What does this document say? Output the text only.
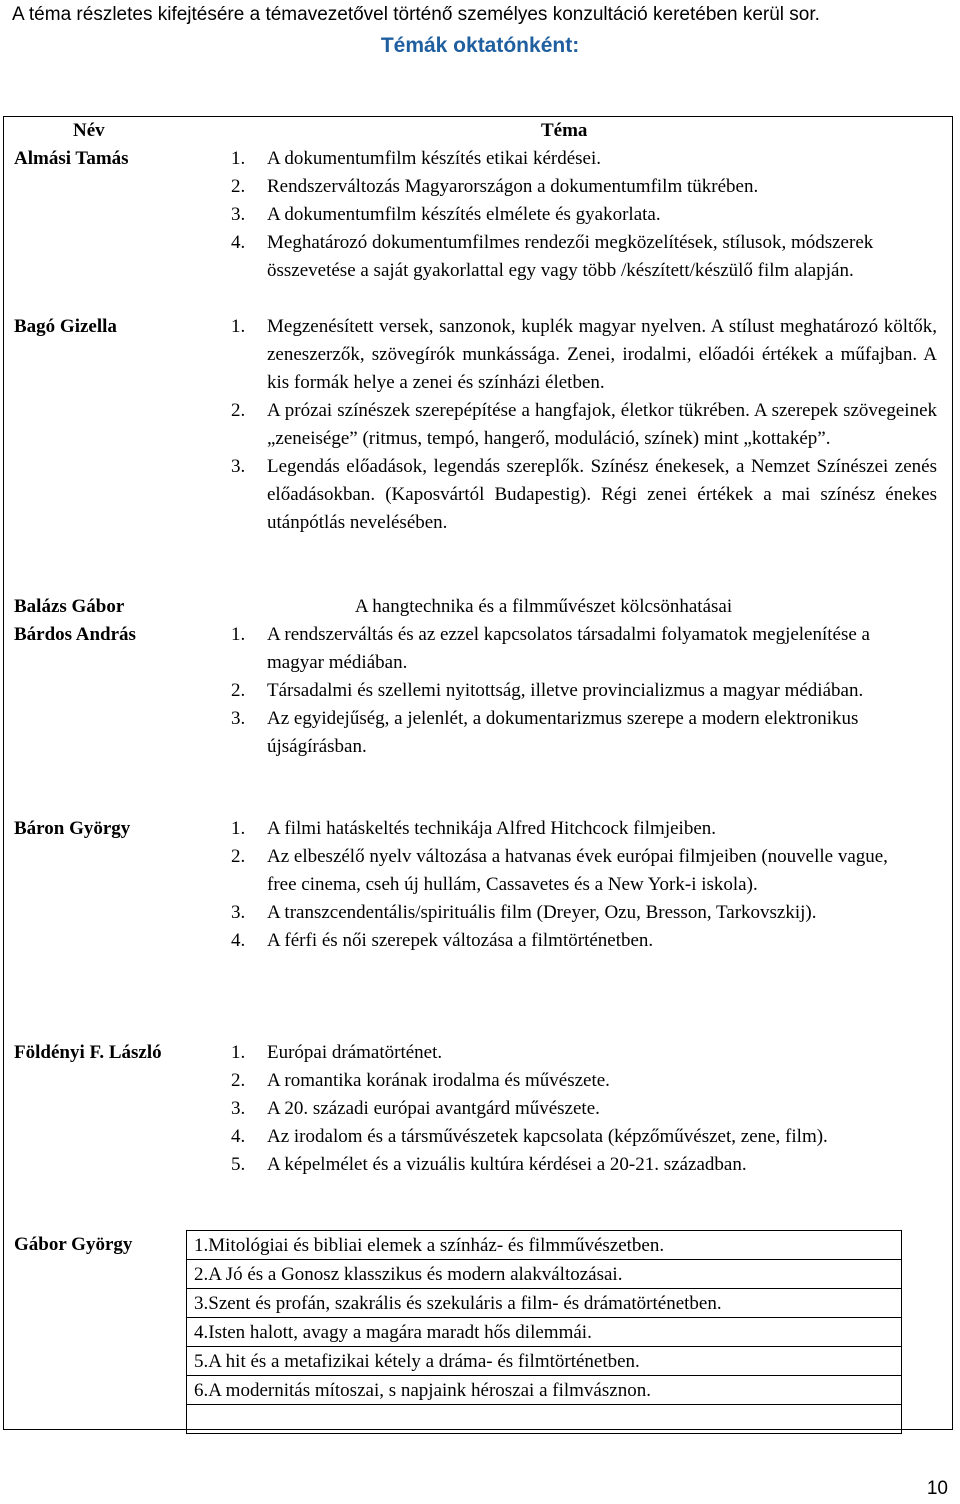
A téma részletes kifejtésére a témavezetővel történő személyes konzultáció keretében kerül sor.
Témák oktatónként:
Név	Téma
Almási Tamás	1. A dokumentumfilm készítés etikai kérdései.
2. Rendszerváltozás Magyarországon a dokumentumfilm tükrében.
3. A dokumentumfilm készítés elmélete és gyakorlata.
4. Meghatározó dokumentumfilmes rendezői megközelítések, stílusok, módszerek összevetése a saját gyakorlattal egy vagy több /készített/készülő film alapján.
Bagó Gizella	1. Megzenésített versek, sanzonok, kuplék magyar nyelven. A stílust meghatározó költők, zeneszerzők, szövegírók munkássága. Zenei, irodalmi, előadói értékek a műfajban. A kis formák helye a zenei és színházi életben.
2. A prózai színészek szerepépítése a hangfajok, életkor tükrében. A szerepek szövegeinek „zeneisége” (ritmus, tempó, hangerő, moduláció, színek) mint „kottakép”.
3. Legendás előadások, legendás szereplők. Színész énekesek, a Nemzet Színészei zenés előadásokban. (Kaposvártól Budapestig). Régi zenei értékek a mai színész énekes utánpótlás nevelésében.
Balázs Gábor	A hangtechnika és a filmművészet kölcsönhatásai
Bárdos András	1. A rendszerváltás és az ezzel kapcsolatos társadalmi folyamatok megjelenítése a magyar médiában.
2. Társadalmi és szellemi nyitottság, illetve provincializmus a magyar médiában.
3. Az egyidejűség, a jelenlét, a dokumentarizmus szerepe a modern elektronikus újságírásban.
Báron György	1. A filmi hatáskeltés technikája Alfred Hitchcock filmjeiben.
2. Az elbeszélő nyelv változása a hatvanas évek európai filmjeiben (nouvelle vague, free cinema, cseh új hullám, Cassavetes és a New York-i iskola).
3. A transzcendentális/spirituális film (Dreyer, Ozu, Bresson, Tarkovszkij).
4. A férfi és női szerepek változása a filmtörténetben.
Földényi F. László	1. Európai drámatörténet.
2. A romantika korának irodalma és művészete.
3. A 20. századi európai avantgárd művészete.
4. Az irodalom és a társművészetek kapcsolata (képzőművészet, zene, film).
5. A képelmélet és a vizuális kultúra kérdései a 20-21. században.
Gábor György	1.Mitológiai és bibliai elemek a színház- és filmművészetben.
2.A Jó és a Gonosz klasszikus és modern alakváltozásai.
3.Szent és profán, szakrális és szekuláris a film- és drámatörténetben.
4.Isten halott, avagy a magára maradt hős dilemmái.
5.A hit és a metafizikai kétely a dráma- és filmtörténetben.
6.A modernitás mítoszai, s napjaink héroszai a filmvásznon.

10
